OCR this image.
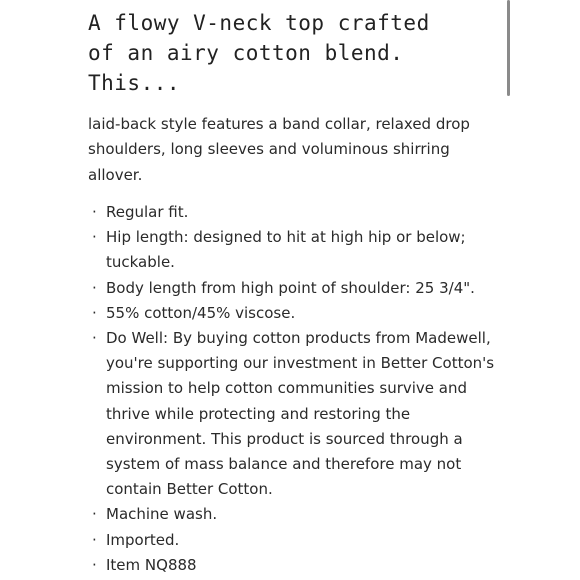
A flowy V-neck top crafted
of an airy cotton blend.
This...

laid-back style features a band collar, relaxed drop shoulders, long sleeves and voluminous shirring allover.

· Regular fit.
· Hip length: designed to hit at high hip or below; tuckable.
· Body length from high point of shoulder: 25 3/4".
· 55% cotton/45% viscose.
· Do Well: By buying cotton products from Madewell, you're supporting our investment in Better Cotton's mission to help cotton communities survive and thrive while protecting and restoring the environment. This product is sourced through a system of mass balance and therefore may not contain Better Cotton.
· Machine wash.
· Imported.
· Item NQ888
